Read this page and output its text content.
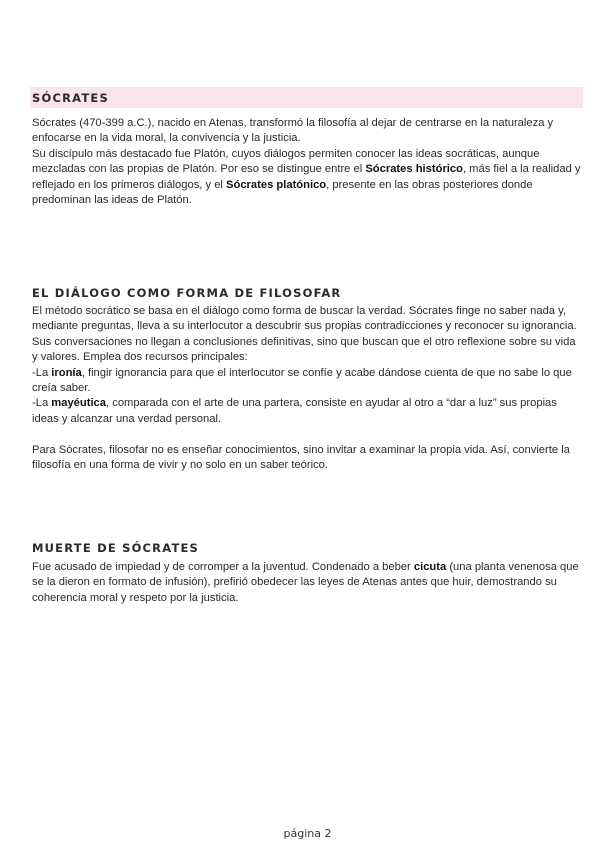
SÓCRATES
Sócrates (470-399 a.C.), nacido en Atenas, transformó la filosofía al dejar de centrarse en la naturaleza y enfocarse en la vida moral, la convivencia y la justicia.
Su discípulo más destacado fue Platón, cuyos diálogos permiten conocer las ideas socráticas, aunque mezcladas con las propias de Platón. Por eso se distingue entre el Sócrates histórico, más fiel a la realidad y reflejado en los primeros diálogos, y el Sócrates platónico, presente en las obras posteriores donde predominan las ideas de Platón.
EL DIÁLOGO COMO FORMA DE FILOSOFAR
El método socrático se basa en el diálogo como forma de buscar la verdad. Sócrates finge no saber nada y, mediante preguntas, lleva a su interlocutor a descubrir sus propias contradicciones y reconocer su ignorancia. Sus conversaciones no llegan a conclusiones definitivas, sino que buscan que el otro reflexione sobre su vida y valores. Emplea dos recursos principales:
-La ironía, fingir ignorancia para que el interlocutor se confíe y acabe dándose cuenta de que no sabe lo que creía saber.
-La mayéutica, comparada con el arte de una partera, consiste en ayudar al otro a “dar a luz” sus propias ideas y alcanzar una verdad personal.
Para Sócrates, filosofar no es enseñar conocimientos, sino invitar a examinar la propia vida. Así, convierte la filosofía en una forma de vivir y no solo en un saber teórico.
MUERTE DE SÓCRATES
Fue acusado de impiedad y de corromper a la juventud. Condenado a beber cicuta (una planta venenosa que se la dieron en formato de infusión), prefirió obedecer las leyes de Atenas antes que huir, demostrando su coherencia moral y respeto por la justicia.
página 2
